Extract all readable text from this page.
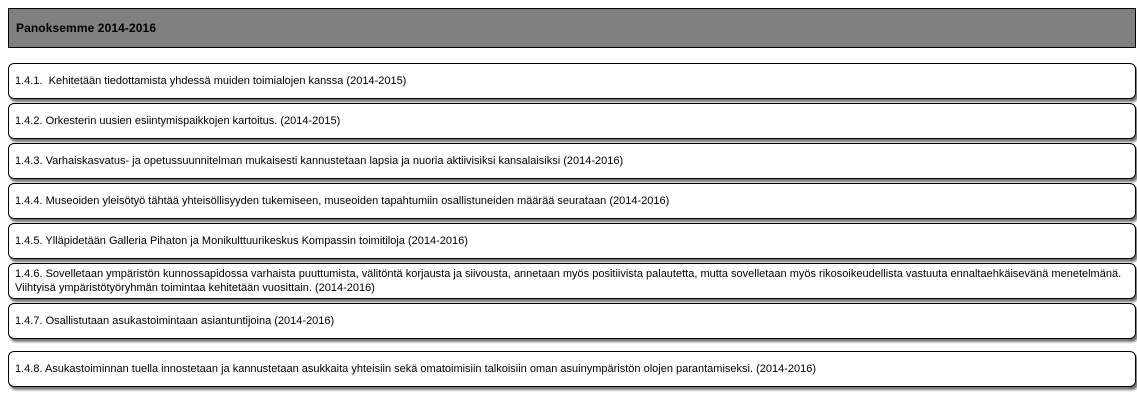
Panoksemme 2014-2016
1.4.1.  Kehitetään tiedottamista yhdessä muiden toimialojen kanssa (2014-2015)
1.4.2. Orkesterin uusien esiintymispaikkojen kartoitus. (2014-2015)
1.4.3. Varhaiskasvatus- ja opetussuunnitelman mukaisesti kannustetaan lapsia ja nuoria aktiivisiksi kansalaisiksi (2014-2016)
1.4.4. Museoiden yleisötyö tähtää yhteisöllisyyden tukemiseen, museoiden tapahtumiin osallistuneiden määrää seurataan (2014-2016)
1.4.5. Ylläpidetään Galleria Pihaton ja Monikulttuurikeskus Kompassin toimitiloja (2014-2016)
1.4.6. Sovelletaan ympäristön kunnossapidossa varhaista puuttumista, välitöntä korjausta ja siivousta, annetaan myös positiivista palautetta, mutta sovelletaan myös rikosoikeudellista vastuuta ennaltaehkäisevänä menetelmänä. Viihtyisä ympäristötyöryhmän toimintaa kehitetään vuosittain. (2014-2016)
1.4.7. Osallistutaan asukastoimintaan asiantuntijoina (2014-2016)
1.4.8. Asukastoiminnan tuella innostetaan ja kannustetaan asukkaita yhteisiin sekä omatoimisiin talkoisiin oman asuinympäristön olojen parantamiseksi. (2014-2016)
